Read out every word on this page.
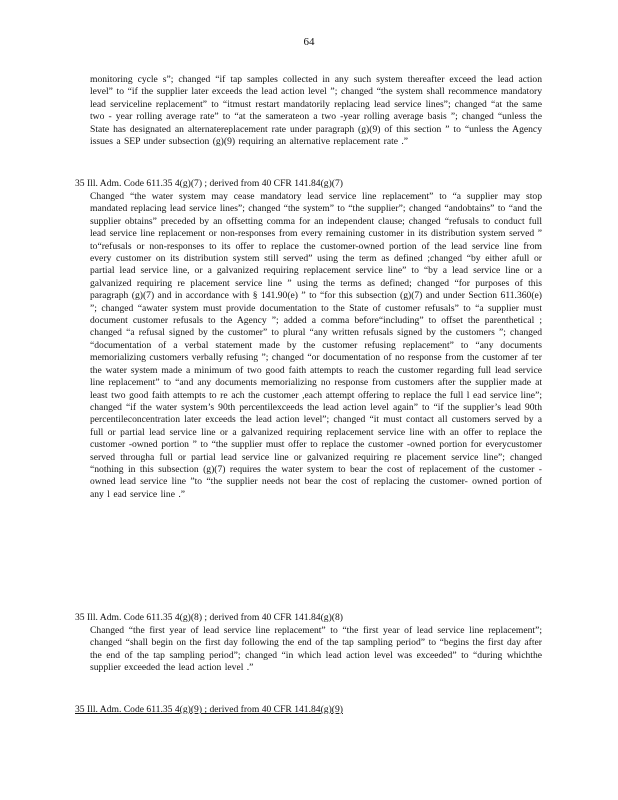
64
monitoring cycle s”; changed “if tap samples collected in any such system thereafter exceed the lead action level” to “if the supplier later exceeds the lead action level ”; changed “the system shall recommence mandatory lead serviceline replacement” to “itmust restart mandatorily replacing lead service lines”; changed “at the same two - year rolling average rate” to “at the samerateon a two -year rolling average basis ”; changed “unless the State has designated an alternatereplacement rate under paragraph (g)(9) of this section ” to “unless the Agency issues a SEP under subsection (g)(9) requiring an alternative replacement rate .”
35 Ill. Adm. Code 611.35 4(g)(7) ; derived from 40 CFR 141.84(g)(7)
Changed “the water system may cease mandatory lead service line replacement” to “a supplier may stop mandated replacing lead service lines”; changed “the system” to “the supplier”; changed “andobtains” to “and the supplier obtains” preceded by an offsetting comma for an independent clause; changed “refusals to conduct full lead service line replacement or non-responses from every remaining customer in its distribution system served ” to“refusals or non-responses to its offer to replace the customer-owned portion of the lead service line from every customer on its distribution system still served” using the term as defined ;changed “by either afull or partial lead service line, or a galvanized requiring replacement service line” to “by a lead service line or a galvanized requiring re placement service line ” using the terms as defined; changed “for purposes of this paragraph (g)(7) and in accordance with § 141.90(e) ” to “for this subsection (g)(7) and under Section 611.360(e) ”; changed “awater system must provide documentation to the State of customer refusals” to “a supplier must document customer refusals to the Agency ”; added a comma before“including” to offset the parenthetical ; changed “a refusal signed by the customer” to plural “any written refusals signed by the customers ”; changed “documentation of a verbal statement made by the customer refusing replacement” to “any documents memorializing customers verbally refusing ”; changed “or documentation of no response from the customer af ter the water system made a minimum of two good faith attempts to reach the customer regarding full lead service line replacement” to “and any documents memorializing no response from customers after the supplier made at least two good faith attempts to re ach the customer ,each attempt offering to replace the full l ead service line”; changed “if the water system’s 90th percentilexceeds the lead action level again” to “if the supplier’s lead 90th percentileconcentration later exceeds the lead action level”; changed “it must contact all customers served by a full or partial lead service line or a galvanized requiring replacement service line with an offer to replace the customer -owned portion ” to “the supplier must offer to replace the customer -owned portion for everycustomer served througha full or partial lead service line or galvanized requiring re placement service line”; changed “nothing in this subsection (g)(7) requires the water system to bear the cost of replacement of the customer - owned lead service line ”to “the supplier needs not bear the cost of replacing the customer- owned portion of any l ead service line .”
35 Ill. Adm. Code 611.35 4(g)(8) ; derived from 40 CFR 141.84(g)(8)
Changed “the first year of lead service line replacement” to “the first year of lead service line replacement”; changed “shall begin on the first day following the end of the tap sampling period” to “begins the first day after the end of the tap sampling period”; changed “in which lead action level was exceeded” to “during whichthe supplier exceeded the lead action level .”
35 Ill. Adm. Code 611.35 4(g)(9) ; derived from 40 CFR 141.84(g)(9)
